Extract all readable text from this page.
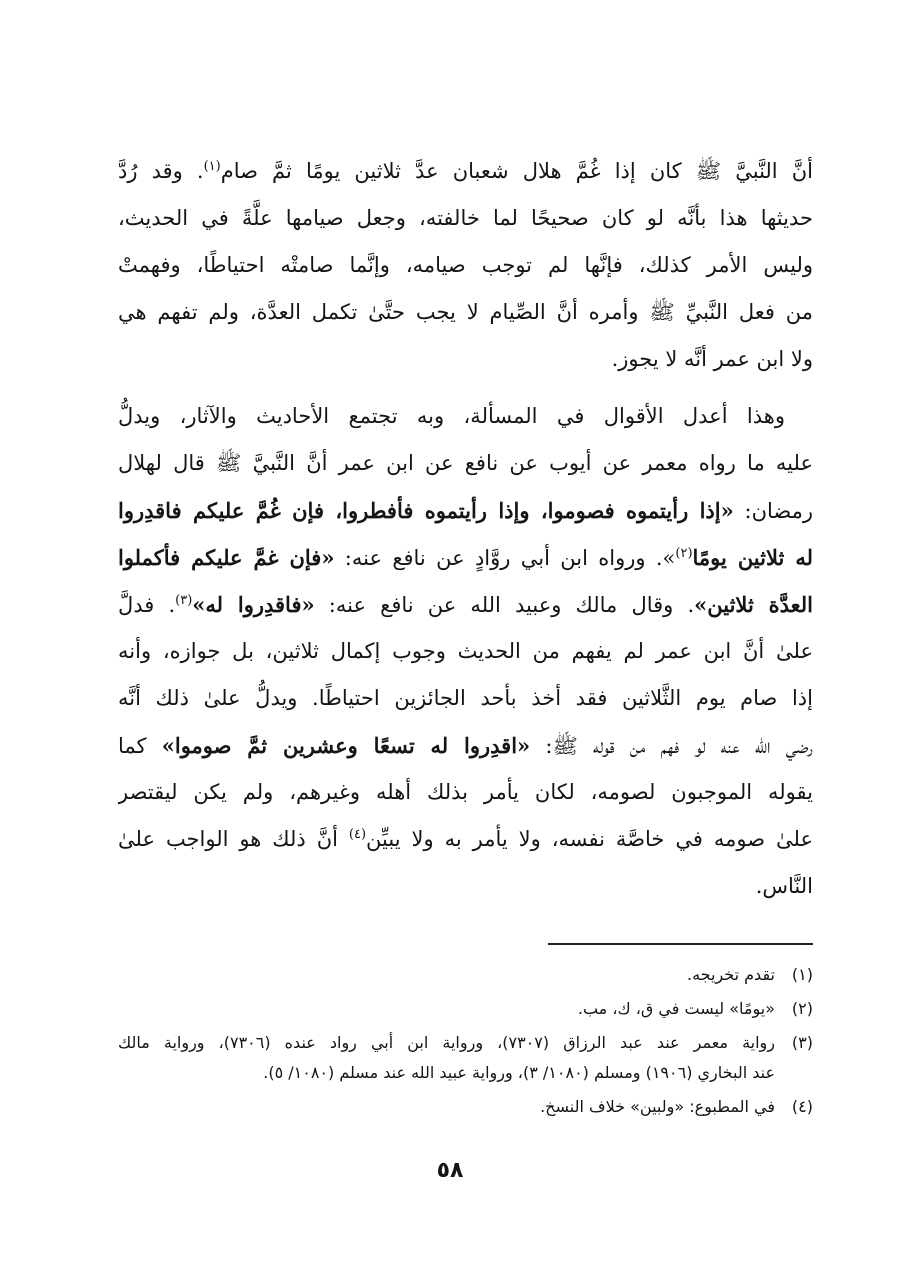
أنَّ النَّبيَّ ﷺ كان إذا غُمَّ هلال شعبان عدَّ ثلاثين يومًا ثمَّ صام$^{(١)}$. وقد رُدَّ
حديثها هذا بأنَّه لو كان صحيحًا لما خالفته، وجعل صيامها علَّةً في الحديث،
وليس الأمر كذلك، فإنَّها لم توجب صيامه، وإنَّما صامتْه احتياطًا، وفهمتْ
من فعل النَّبيِّ ﷺ وأمره أنَّ الصِّيام لا يجب حتَّىٰ تكمل العدَّة، ولم تفهم هي
ولا ابن عمر أنَّه لا يجوز.
وهذا أعدل الأقوال في المسألة، وبه تجتمع الأحاديث والآثار، ويدلُّ
عليه ما رواه معمر عن أيوب عن نافع عن ابن عمر أنَّ النَّبيَّ ﷺ قال لهلال
رمضان: «إذا رأيتموه فصوموا، وإذا رأيتموه فأفطروا، فإن غُمَّ عليكم فاقدِروا
له ثلاثين يومًا$^{(٢)}$». ورواه ابن أبي روَّادٍ عن نافع عنه: «فإن غمَّ عليكم فأكملوا
العدَّة ثلاثين». وقال مالك وعبيد الله عن نافع عنه: «فاقدِروا له»$^{(٣)}$. فدلَّ
علىٰ أنَّ ابن عمر لم يفهم من الحديث وجوب إكمال ثلاثين، بل جوازه، وأنه
إذا صام يوم الثَّلاثين فقد أخذ بأحد الجائزين احتياطًا. ويدلُّ علىٰ ذلك أنَّه
رضي الله عنه لو فهم من قوله ﷺ: «اقدِروا له تسعًا وعشرين ثمَّ صوموا» كما
يقوله الموجبون لصومه، لكان يأمر بذلك أهله وغيرهم، ولم يكن ليقتصر
علىٰ صومه في خاصَّة نفسه، ولا يأمر به ولا يبيِّن$^{(٤)}$ أنَّ ذلك هو الواجب علىٰ
النَّاس.
(١)
تقدم تخريجه.
(٢)
«يومًا» ليست في ق، ك، مب.
(٣)
رواية معمر عند عبد الرزاق (٧٣٠٧)، ورواية ابن أبي رواد عنده (٧٣٠٦)، ورواية مالك
عند البخاري (١٩٠٦) ومسلم (١٠٨٠/ ٣)، ورواية عبيد الله عند مسلم (١٠٨٠/ ٥).
(٤)
في المطبوع: «ولبين» خلاف النسخ.
٥٨
